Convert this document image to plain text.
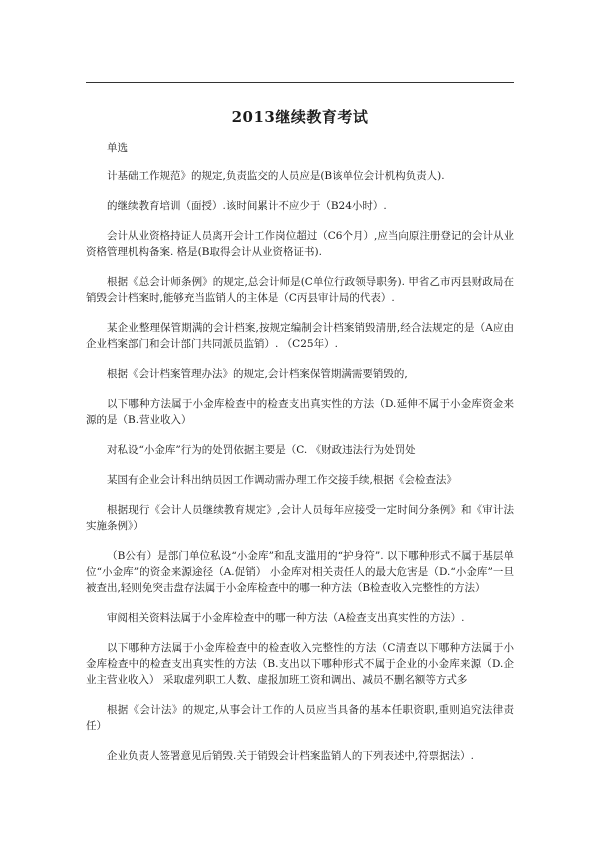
2013继续教育考试

单选

计基础工作规范》的规定,负责监交的人员应是(B该单位会计机构负责人).

的继续教育培训（面授）.该时间累计不应少于（B24小时）.

会计从业资格持证人员离开会计工作岗位超过（C6个月）,应当向原注册登记的会计从业资格管理机构备案. 格是(B取得会计从业资格证书).

根据《总会计师条例》的规定,总会计师是(C单位行政领导职务). 甲省乙市丙县财政局在销毁会计档案时,能够充当监销人的主体是（C丙县审计局的代表）.

某企业整理保管期满的会计档案,按规定编制会计档案销毁清册,经合法规定的是（A应由企业档案部门和会计部门共同派员监销）. （C25年）.

根据《会计档案管理办法》的规定,会计档案保管期满需要销毁的,

以下哪种方法属于小金库检查中的检查支出真实性的方法（D.延伸不属于小金库资金来源的是（B.营业收入）

对私设“小金库”行为的处罚依据主要是（C. 《财政违法行为处罚处

某国有企业会计科出纳员因工作调动需办理工作交接手续,根据《会检查法》

根据现行《会计人员继续教育规定》,会计人员每年应接受一定时间分条例》和《审计法实施条例》）

（B公有）是部门单位私设“小金库”和乱支滥用的“护身符”. 以下哪种形式不属于基层单位“小金库”的资金来源途径（A.促销） 小金库对相关责任人的最大危害是（D.“小金库”一旦被查出,轻则免突击盘存法属于小金库检查中的哪一种方法（B检查收入完整性的方法）

审阅相关资料法属于小金库检查中的哪一种方法（A检查支出真实性的方法）.

以下哪种方法属于小金库检查中的检查收入完整性的方法（C清查以下哪种方法属于小金库检查中的检查支出真实性的方法（B.支出以下哪种形式不属于企业的小金库来源（D.企业主营业收入） 采取虚列职工人数、虚报加班工资和调出、减员不删名额等方式多

根据《会计法》的规定,从事会计工作的人员应当具备的基本任职资职,重则追究法律责任）

企业负责人签署意见后销毁.关于销毁会计档案监销人的下列表述中,符票据法）.
